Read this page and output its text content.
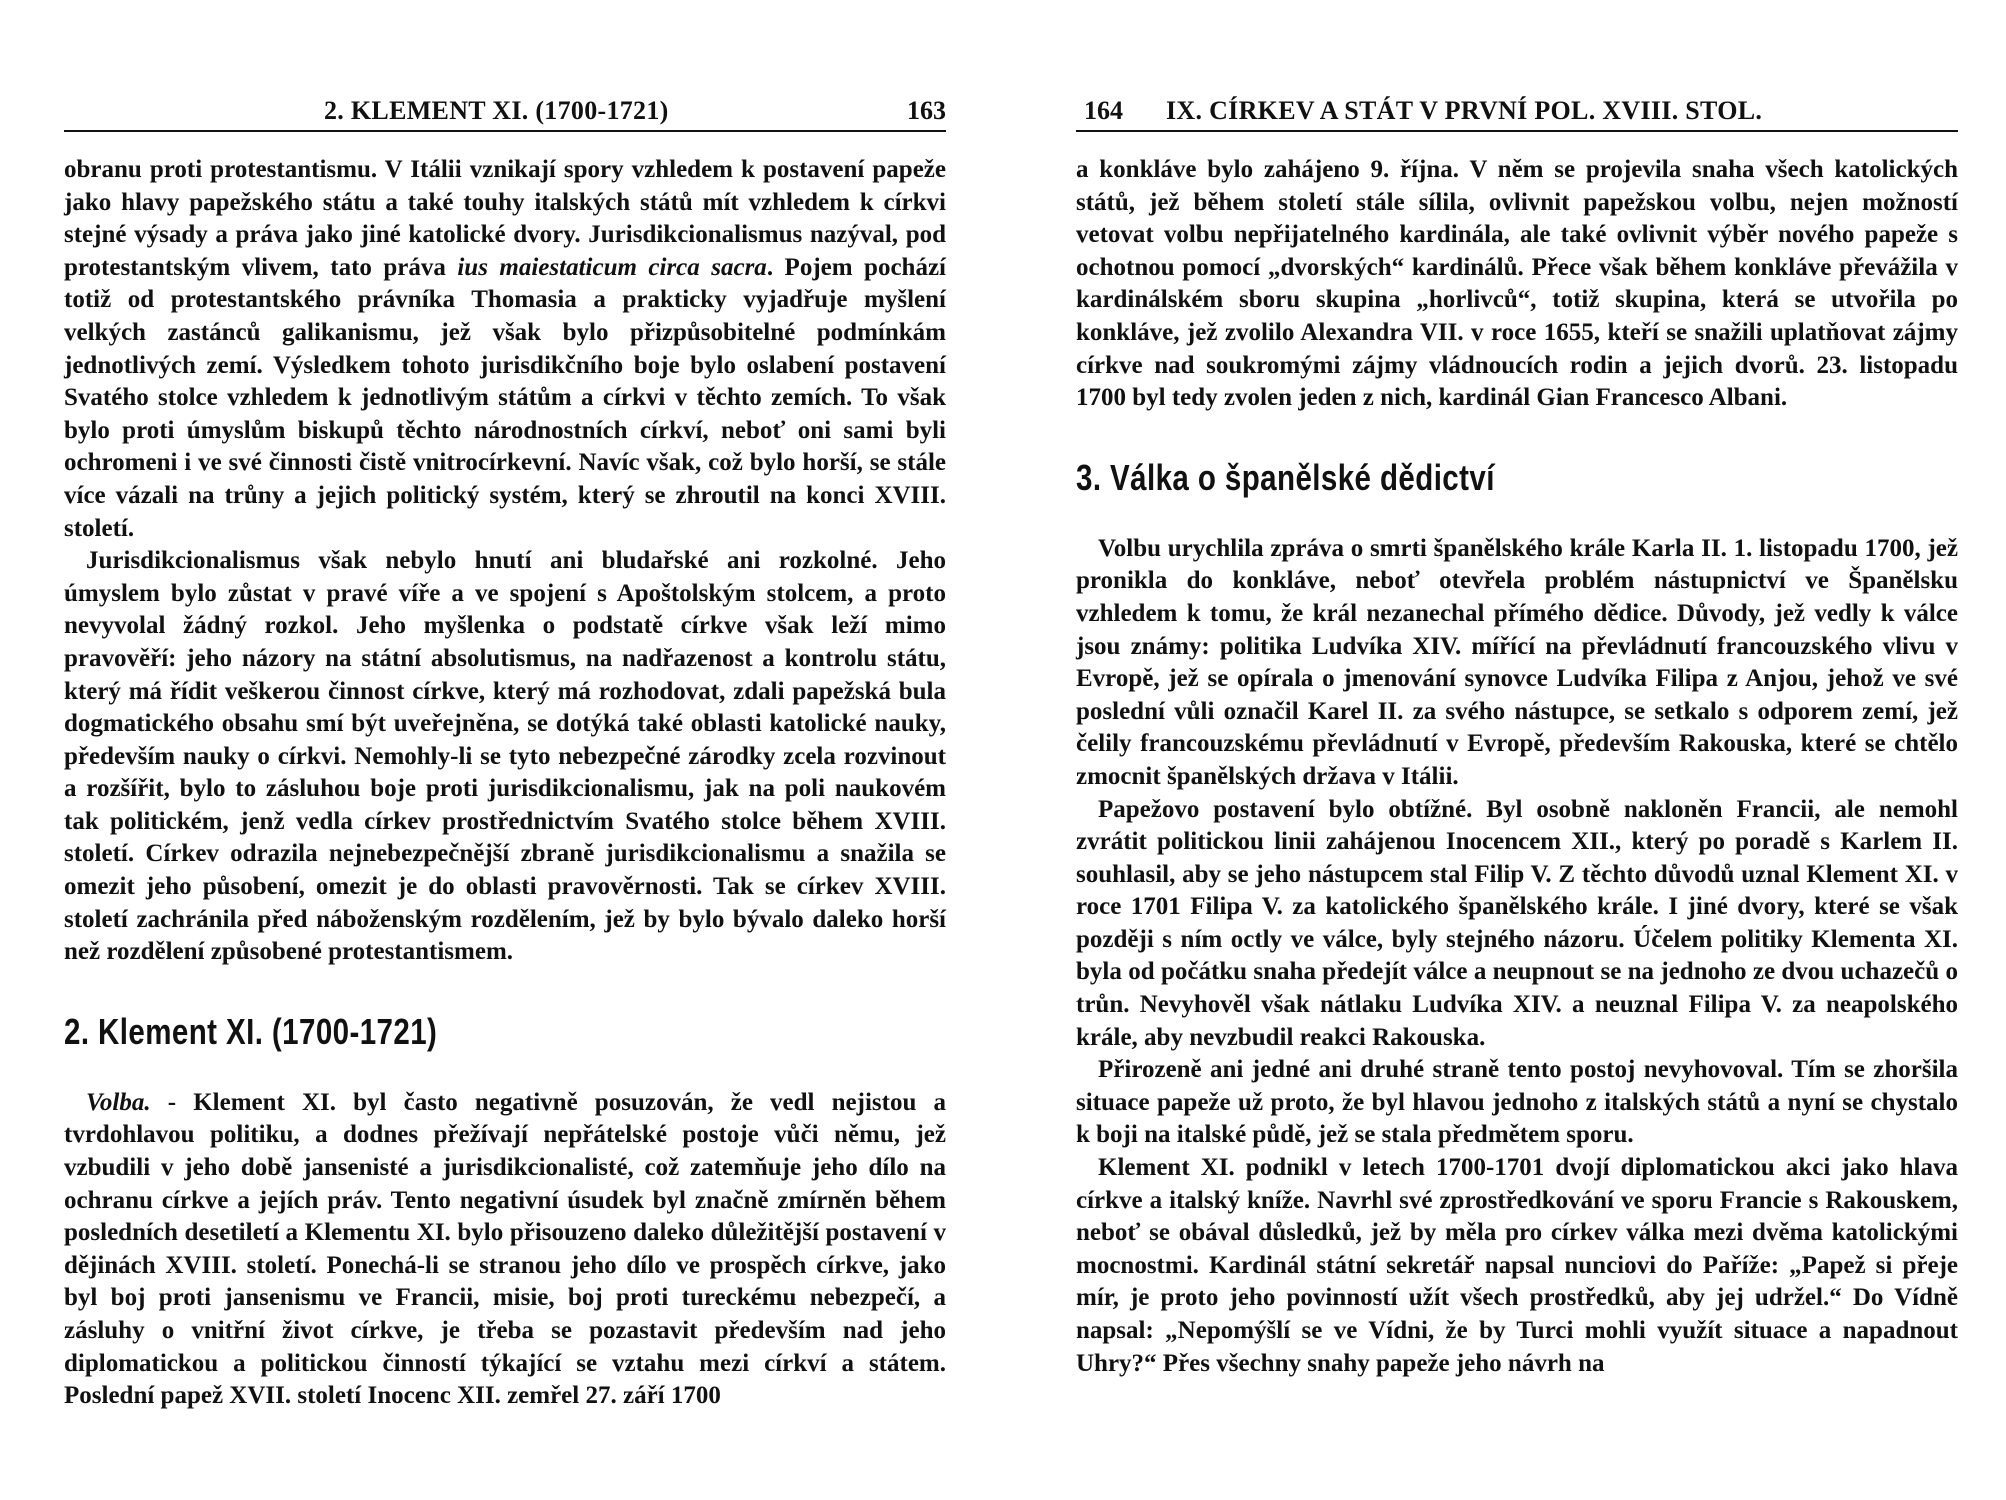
2. KLEMENT XI. (1700-1721)	163

obranu proti protestantismu. V Itálii vznikají spory vzhledem k postavení papeže jako hlavy papežského státu a také touhy italských států mít vzhledem k církvi stejné výsady a práva jako jiné katolické dvory. Jurisdikcionalismus nazýval, pod protestantským vlivem, tato práva ius maiestaticum circa sacra. Pojem pochází totiž od protestantského právníka Thomasia a prakticky vyjadřuje myšlení velkých zastánců galikanismu, jež však bylo přizpůsobitelné podmínkám jednotlivých zemí. Výsledkem tohoto jurisdikčního boje bylo oslabení postavení Svatého stolce vzhledem k jednotlivým státům a církvi v těchto zemích. To však bylo proti úmyslům biskupů těchto národnostních církví, neboť oni sami byli ochromeni i ve své činnosti čistě vnitrocírkevní. Navíc však, což bylo horší, se stále více vázali na trůny a jejich politický systém, který se zhroutil na konci XVIII. století.

Jurisdikcionalismus však nebylo hnutí ani bludařské ani rozkolné. Jeho úmyslem bylo zůstat v pravé víře a ve spojení s Apoštolským stolcem, a proto nevyvolal žádný rozkol. Jeho myšlenka o podstatě církve však leží mimo pravověří: jeho názory na státní absolutismus, na nadřazenost a kontrolu státu, který má řídit veškerou činnost církve, který má rozhodovat, zdali papežská bula dogmatického obsahu smí být uveřejněna, se dotýká také oblasti katolické nauky, především nauky o církvi. Nemohly-li se tyto nebezpečné zárodky zcela rozvinout a rozšířit, bylo to zásluhou boje proti jurisdikcionalismu, jak na poli naukovém tak politickém, jenž vedla církev prostřednictvím Svatého stolce během XVIII. století. Církev odrazila nejnebezpečnější zbraně jurisdikcionalismu a snažila se omezit jeho působení, omezit je do oblasti pravověrnosti. Tak se církev XVIII. století zachránila před náboženským rozdělením, jež by bylo bývalo daleko horší než rozdělení způsobené protestantismem.

2. Klement XI. (1700-1721)

Volba. - Klement XI. byl často negativně posuzován, že vedl nejistou a tvrdohlavou politiku, a dodnes přežívají nepřátelské postoje vůči němu, jež vzbudili v jeho době jansenisté a jurisdikcionalisté, což zatemňuje jeho dílo na ochranu církve a jejích práv. Tento negativní úsudek byl značně zmírněn během posledních desetiletí a Klementu XI. bylo přisouzeno daleko důležitější postavení v dějinách XVIII. století. Ponechá-li se stranou jeho dílo ve prospěch církve, jako byl boj proti jansenismu ve Francii, misie, boj proti tureckému nebezpečí, a zásluhy o vnitřní život církve, je třeba se pozastavit především nad jeho diplomatickou a politickou činností týkající se vztahu mezi církví a státem. Poslední papež XVII. století Inocenc XII. zemřel 27. září 1700

164 IX. CÍRKEV A STÁT V PRVNÍ POL. XVIII. STOL.

a konkláve bylo zahájeno 9. října. V něm se projevila snaha všech katolických států, jež během století stále sílila, ovlivnit papežskou volbu, nejen možností vetovat volbu nepřijatelného kardinála, ale také ovlivnit výběr nového papeže s ochotnou pomocí „dvorských“ kardinálů. Přece však během konkláve převážila v kardinálském sboru skupina „horlivců“, totiž skupina, která se utvořila po konkláve, jež zvolilo Alexandra VII. v roce 1655, kteří se snažili uplatňovat zájmy církve nad soukromými zájmy vládnoucích rodin a jejich dvorů. 23. listopadu 1700 byl tedy zvolen jeden z nich, kardinál Gian Francesco Albani.

3. Válka o španělské dědictví

Volbu urychlila zpráva o smrti španělského krále Karla II. 1. listopadu 1700, jež pronikla do konkláve, neboť otevřela problém nástupnictví ve Španělsku vzhledem k tomu, že král nezanechal přímého dědice. Důvody, jež vedly k válce jsou známy: politika Ludvíka XIV. mířící na převládnutí francouzského vlivu v Evropě, jež se opírala o jmenování synovce Ludvíka Filipa z Anjou, jehož ve své poslední vůli označil Karel II. za svého nástupce, se setkalo s odporem zemí, jež čelily francouzskému převládnutí v Evropě, především Rakouska, které se chtělo zmocnit španělských država v Itálii.

Papežovo postavení bylo obtížné. Byl osobně nakloněn Francii, ale nemohl zvrátit politickou linii zahájenou Inocencem XII., který po poradě s Karlem II. souhlasil, aby se jeho nástupcem stal Filip V. Z těchto důvodů uznal Klement XI. v roce 1701 Filipa V. za katolického španělského krále. I jiné dvory, které se však později s ním octly ve válce, byly stejného názoru. Účelem politiky Klementa XI. byla od počátku snaha předejít válce a neupnout se na jednoho ze dvou uchazečů o trůn. Nevyhověl však nátlaku Ludvíka XIV. a neuznal Filipa V. za neapolského krále, aby nevzbudil reakci Rakouska.

Přirozeně ani jedné ani druhé straně tento postoj nevyhovoval. Tím se zhoršila situace papeže už proto, že byl hlavou jednoho z italských států a nyní se chystalo k boji na italské půdě, jež se stala předmětem sporu.

Klement XI. podnikl v letech 1700-1701 dvojí diplomatickou akci jako hlava církve a italský kníže. Navrhl své zprostředkování ve sporu Francie s Rakouskem, neboť se obával důsledků, jež by měla pro církev válka mezi dvěma katolickými mocnostmi. Kardinál státní sekretář napsal nunciovi do Paříže: „Papež si přeje mír, je proto jeho povinností užít všech prostředků, aby jej udržel.“ Do Vídně napsal: „Nepomýšlí se ve Vídni, že by Turci mohli využít situace a napadnout Uhry?“ Přes všechny snahy papeže jeho návrh na
